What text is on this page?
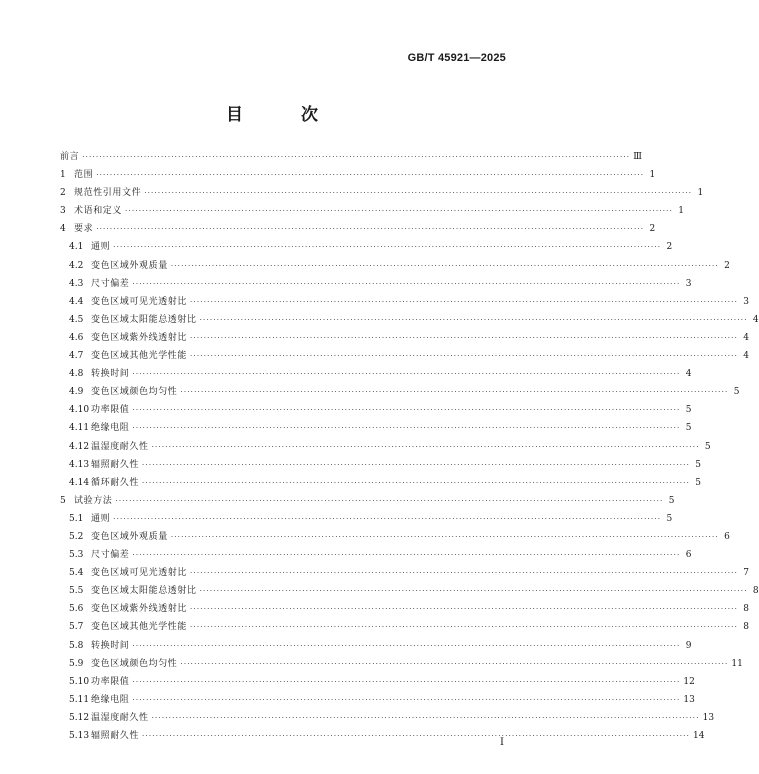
GB/T 45921—2025
目 次
前言 ································································································································································ Ⅲ
1 范围 ································································································································································ 1
2 规范性引用文件 ································································································································································ 1
3 术语和定义 ································································································································································ 1
4 要求 ································································································································································ 2
4.1 通则 ································································································································································ 2
4.2 变色区域外观质量 ································································································································································ 2
4.3 尺寸偏差 ································································································································································ 3
4.4 变色区域可见光透射比 ································································································································································ 3
4.5 变色区域太阳能总透射比 ································································································································································ 4
4.6 变色区域紫外线透射比 ································································································································································ 4
4.7 变色区域其他光学性能 ································································································································································ 4
4.8 转换时间 ································································································································································ 4
4.9 变色区域颜色均匀性 ································································································································································ 5
4.10 功率限值 ································································································································································ 5
4.11 绝缘电阻 ································································································································································ 5
4.12 温湿度耐久性 ································································································································································ 5
4.13 辐照耐久性 ································································································································································ 5
4.14 循环耐久性 ································································································································································ 5
5 试验方法 ································································································································································ 5
5.1 通则 ································································································································································ 5
5.2 变色区域外观质量 ································································································································································ 6
5.3 尺寸偏差 ································································································································································ 6
5.4 变色区域可见光透射比 ································································································································································ 7
5.5 变色区域太阳能总透射比 ································································································································································ 8
5.6 变色区域紫外线透射比 ································································································································································ 8
5.7 变色区域其他光学性能 ································································································································································ 8
5.8 转换时间 ································································································································································ 9
5.9 变色区域颜色均匀性 ································································································································································ 11
5.10 功率限值 ································································································································································ 12
5.11 绝缘电阻 ································································································································································ 13
5.12 温湿度耐久性 ································································································································································ 13
5.13 辐照耐久性 ································································································································································ 14
I
